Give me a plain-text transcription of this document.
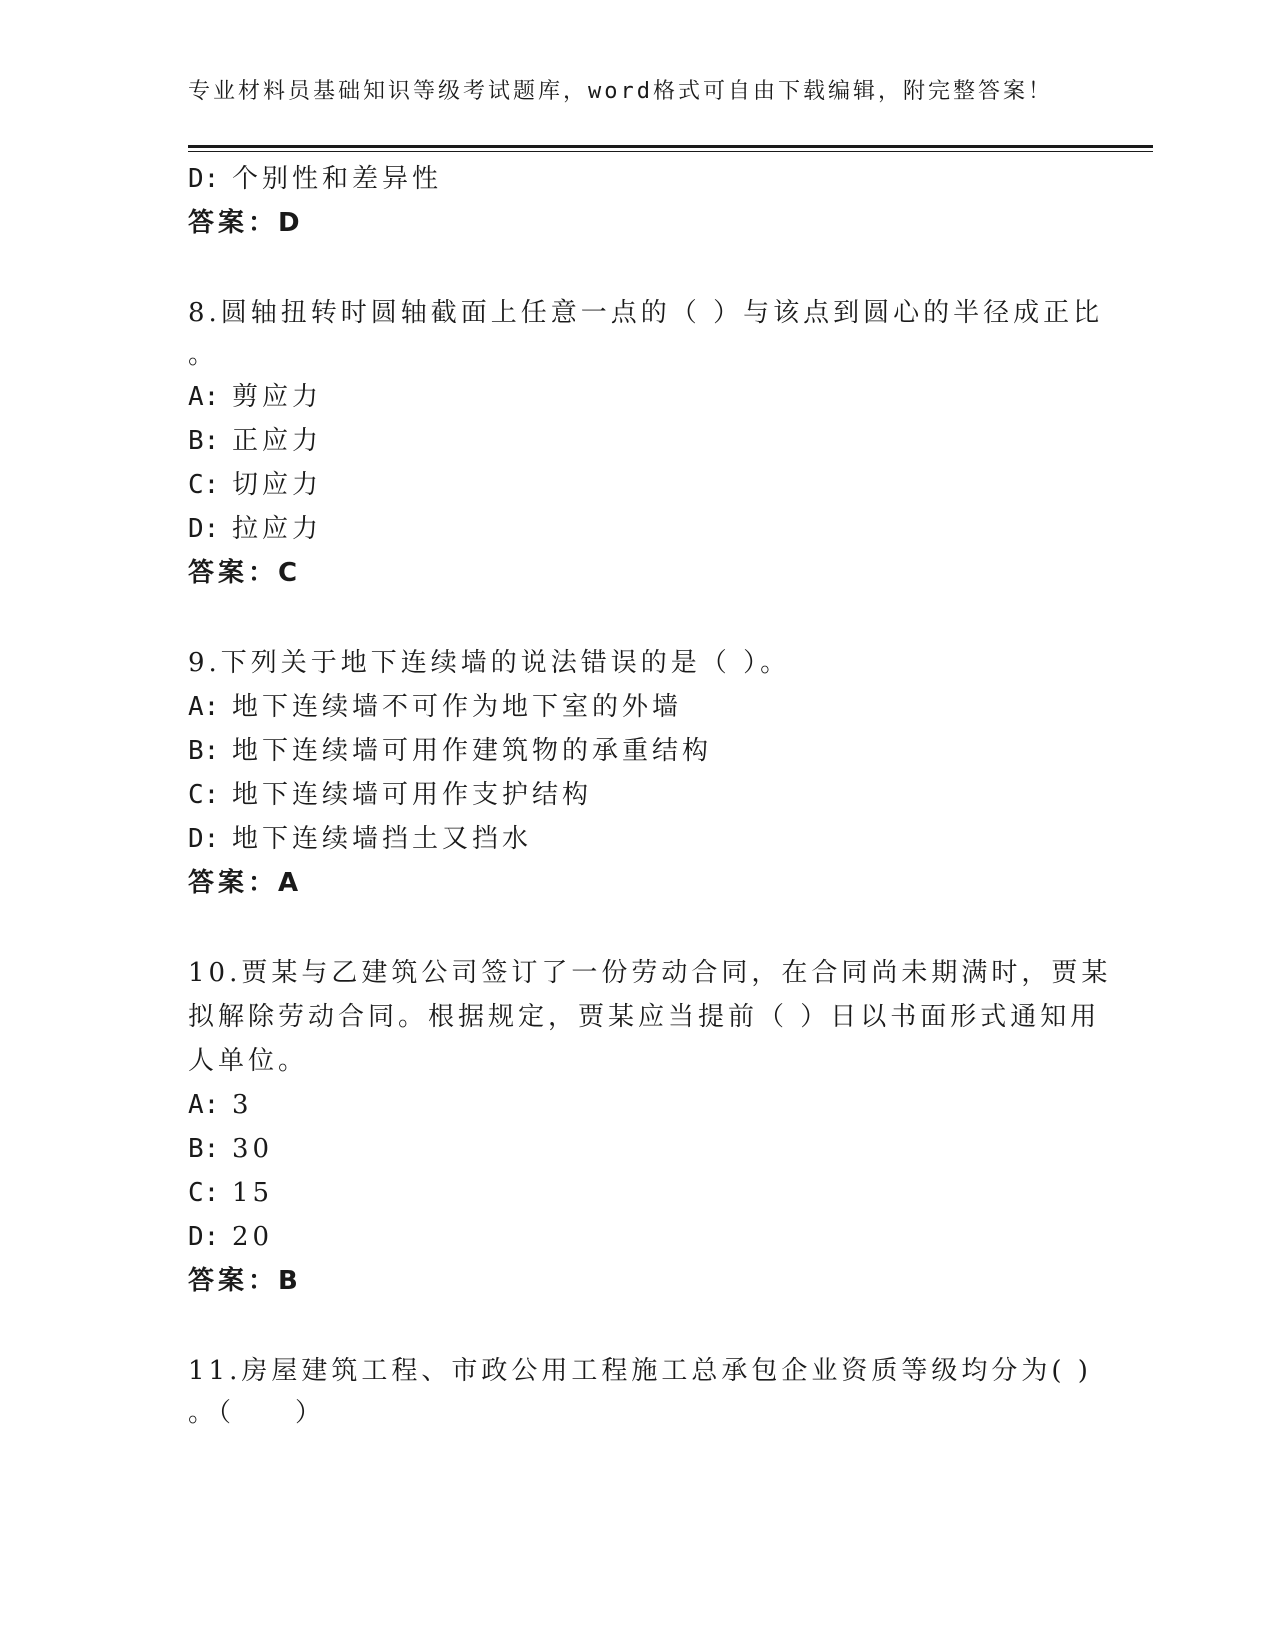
专业材料员基础知识等级考试题库，word格式可自由下载编辑，附完整答案！
D: 个别性和差异性
答案：D
8.圆轴扭转时圆轴截面上任意一点的（ ）与该点到圆心的半径成正比
。
A: 剪应力
B: 正应力
C: 切应力
D: 拉应力
答案：C
9.下列关于地下连续墙的说法错误的是（ ）。
A: 地下连续墙不可作为地下室的外墙
B: 地下连续墙可用作建筑物的承重结构
C: 地下连续墙可用作支护结构
D: 地下连续墙挡土又挡水
答案：A
10.贾某与乙建筑公司签订了一份劳动合同，在合同尚未期满时，贾某
拟解除劳动合同。根据规定，贾某应当提前（ ）日以书面形式通知用
人单位。
A: 3
B: 30
C: 15
D: 20
答案：B
11.房屋建筑工程、市政公用工程施工总承包企业资质等级均分为( )
。（　　）
